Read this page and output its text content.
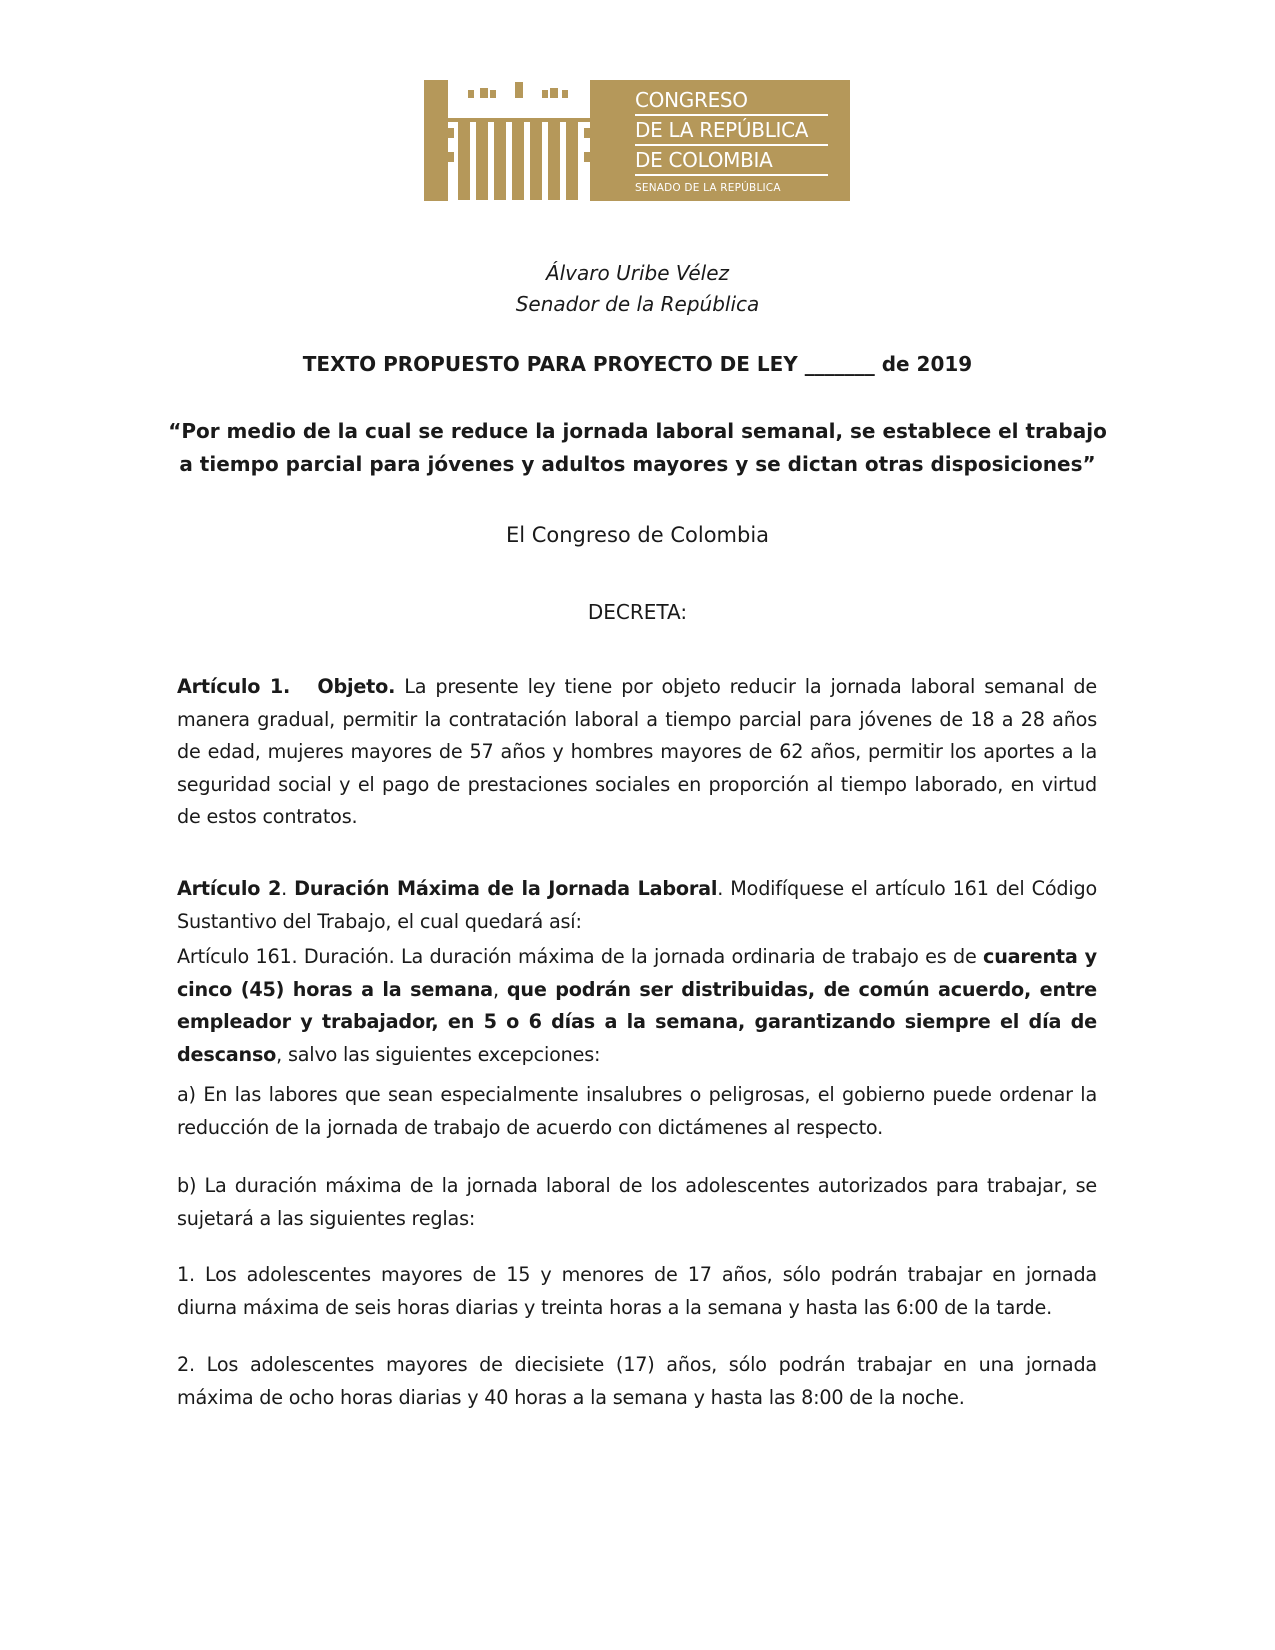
CONGRESO
DE LA REPÚBLICA
DE COLOMBIA
SENADO DE LA REPÚBLICA
Álvaro Uribe Vélez
Senador de la República
TEXTO PROPUESTO PARA PROYECTO DE LEY _______ de 2019
“Por medio de la cual se reduce la jornada laboral semanal, se establece el trabajo
a tiempo parcial para jóvenes y adultos mayores y se dictan otras disposiciones”
El Congreso de Colombia
DECRETA:
Artículo 1. Objeto. La presente ley tiene por objeto reducir la jornada laboral semanal de manera gradual, permitir la contratación laboral a tiempo parcial para jóvenes de 18 a 28 años de edad, mujeres mayores de 57 años y hombres mayores de 62 años, permitir los aportes a la seguridad social y el pago de prestaciones sociales en proporción al tiempo laborado, en virtud de estos contratos.
Artículo 2. Duración Máxima de la Jornada Laboral. Modifíquese el artículo 161 del Código Sustantivo del Trabajo, el cual quedará así:
Artículo 161. Duración. La duración máxima de la jornada ordinaria de trabajo es de cuarenta y cinco (45) horas a la semana, que podrán ser distribuidas, de común acuerdo, entre empleador y trabajador, en 5 o 6 días a la semana, garantizando siempre el día de descanso, salvo las siguientes excepciones:
a) En las labores que sean especialmente insalubres o peligrosas, el gobierno puede ordenar la reducción de la jornada de trabajo de acuerdo con dictámenes al respecto.
b) La duración máxima de la jornada laboral de los adolescentes autorizados para trabajar, se sujetará a las siguientes reglas:
1. Los adolescentes mayores de 15 y menores de 17 años, sólo podrán trabajar en jornada diurna máxima de seis horas diarias y treinta horas a la semana y hasta las 6:00 de la tarde.
2. Los adolescentes mayores de diecisiete (17) años, sólo podrán trabajar en una jornada máxima de ocho horas diarias y 40 horas a la semana y hasta las 8:00 de la noche.
